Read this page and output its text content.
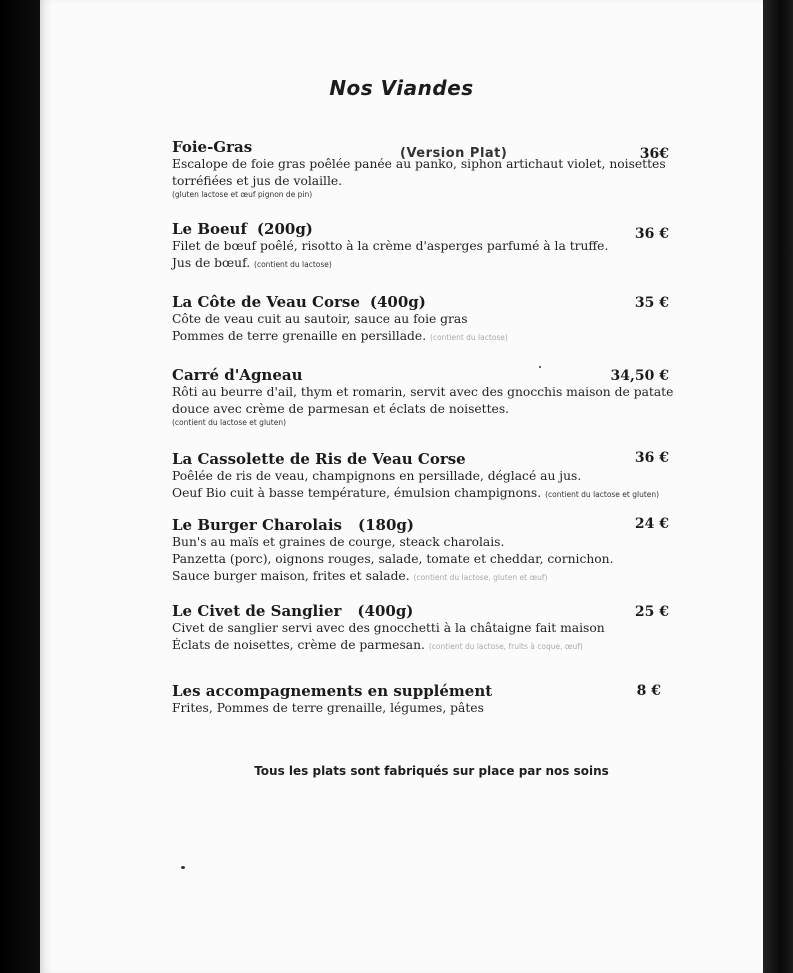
Nos Viandes
Foie-Gras
Escalope de foie gras poêlée panée au panko, siphon artichaut violet, noisettes
torréfiées et jus de volaille.
(gluten lactose et œuf pignon de pin)
(Version Plat)	36€
Le Boeuf (200g)
Filet de bœuf poêlé, risotto à la crème d'asperges parfumé à la truffe.
Jus de bœuf. (contient du lactose)
36 €
La Côte de Veau Corse (400g)
Côte de veau cuit au sautoir, sauce au foie gras
Pommes de terre grenaille en persillade. (contient du lactose)
35 €
Carré d'Agneau
Rôti au beurre d'ail, thym et romarin, servit avec des gnocchis maison de patate
douce avec crème de parmesan et éclats de noisettes.
(contient du lactose et gluten)
34,50 €
La Cassolette de Ris de Veau Corse
Poêlée de ris de veau, champignons en persillade, déglacé au jus.
Oeuf Bio cuit à basse température, émulsion champignons. (contient du lactose et gluten)
36 €
Le Burger Charolais (180g)
Bun's au maïs et graines de courge, steack charolais.
Panzetta (porc), oignons rouges, salade, tomate et cheddar, cornichon.
Sauce burger maison, frites et salade. (contient du lactose, gluten et œuf)
24 €
Le Civet de Sanglier (400g)
Civet de sanglier servi avec des gnocchetti à la châtaigne fait maison
Éclats de noisettes, crème de parmesan. (contient du lactose, fruits à coque, œuf)
25 €
Les accompagnements en supplément
Frites, Pommes de terre grenaille, légumes, pâtes
8 €
Tous les plats sont fabriqués sur place par nos soins
